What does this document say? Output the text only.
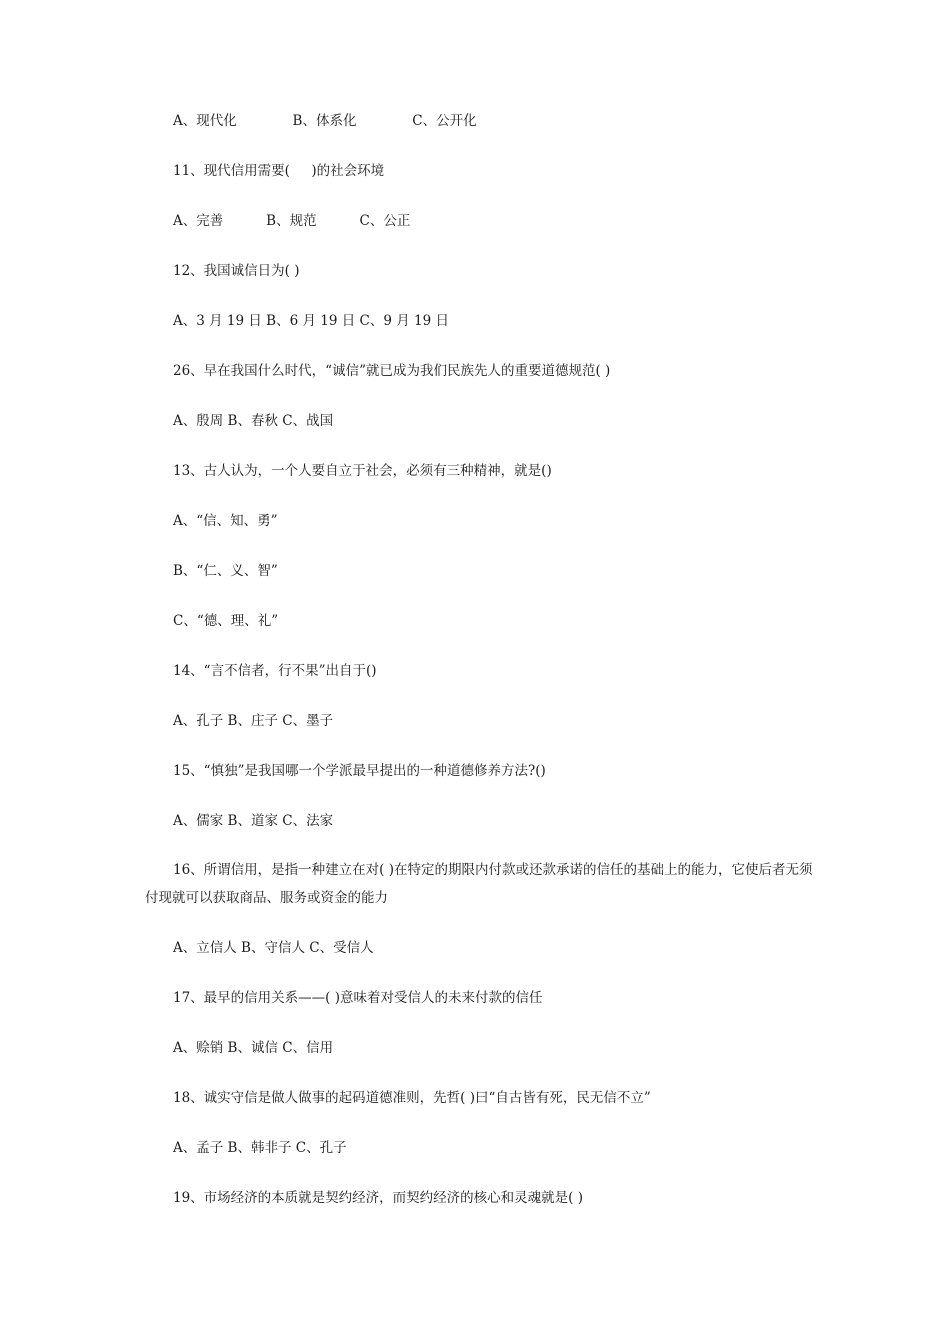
A、现代化             B、体系化             C、公开化
11、现代信用需要(     )的社会环境
A、完善          B、规范          C、公正
12、我国诚信日为( )
A、3 月 19 日 B、6 月 19 日 C、9 月 19 日
26、早在我国什么时代，“诚信”就已成为我们民族先人的重要道德规范( )
A、殷周 B、春秋 C、战国
13、古人认为，一个人要自立于社会，必须有三种精神，就是()
A、“信、知、勇”
B、“仁、义、智”
C、“德、理、礼”
14、“言不信者，行不果”出自于()
A、孔子 B、庄子 C、墨子
15、“慎独”是我国哪一个学派最早提出的一种道德修养方法?()
A、儒家 B、道家 C、法家
16、所谓信用，是指一种建立在对( )在特定的期限内付款或还款承诺的信任的基础上的能力，它使后者无须付现就可以获取商品、服务或资金的能力
A、立信人 B、守信人 C、受信人
17、最早的信用关系——( )意味着对受信人的未来付款的信任
A、赊销 B、诚信 C、信用
18、诚实守信是做人做事的起码道德准则，先哲( )曰“自古皆有死，民无信不立”
A、孟子 B、韩非子 C、孔子
19、市场经济的本质就是契约经济，而契约经济的核心和灵魂就是( )
